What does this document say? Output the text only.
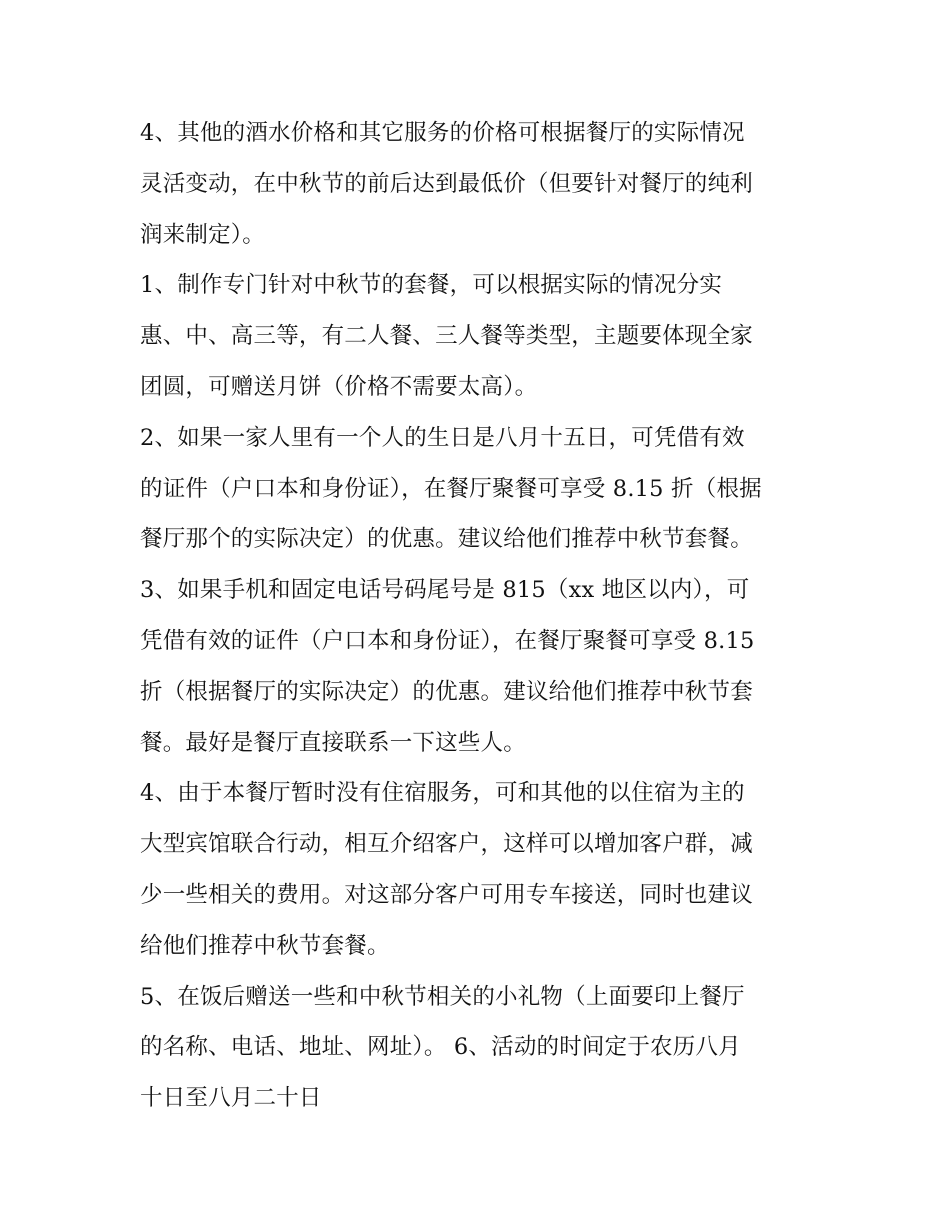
4、其他的酒水价格和其它服务的价格可根据餐厅的实际情况
灵活变动，在中秋节的前后达到最低价（但要针对餐厅的纯利
润来制定）。
1、制作专门针对中秋节的套餐，可以根据实际的情况分实
惠、中、高三等，有二人餐、三人餐等类型，主题要体现全家
团圆，可赠送月饼（价格不需要太高）。
2、如果一家人里有一个人的生日是八月十五日，可凭借有效
的证件（户口本和身份证），在餐厅聚餐可享受 8.15 折（根据
餐厅那个的实际决定）的优惠。建议给他们推荐中秋节套餐。
3、如果手机和固定电话号码尾号是 815（xx 地区以内），可
凭借有效的证件（户口本和身份证），在餐厅聚餐可享受 8.15
折（根据餐厅的实际决定）的优惠。建议给他们推荐中秋节套
餐。最好是餐厅直接联系一下这些人。
4、由于本餐厅暂时没有住宿服务，可和其他的以住宿为主的
大型宾馆联合行动，相互介绍客户，这样可以增加客户群，减
少一些相关的费用。对这部分客户可用专车接送，同时也建议
给他们推荐中秋节套餐。
5、在饭后赠送一些和中秋节相关的小礼物（上面要印上餐厅
的名称、电话、地址、网址）。 6、活动的时间定于农历八月
十日至八月二十日
